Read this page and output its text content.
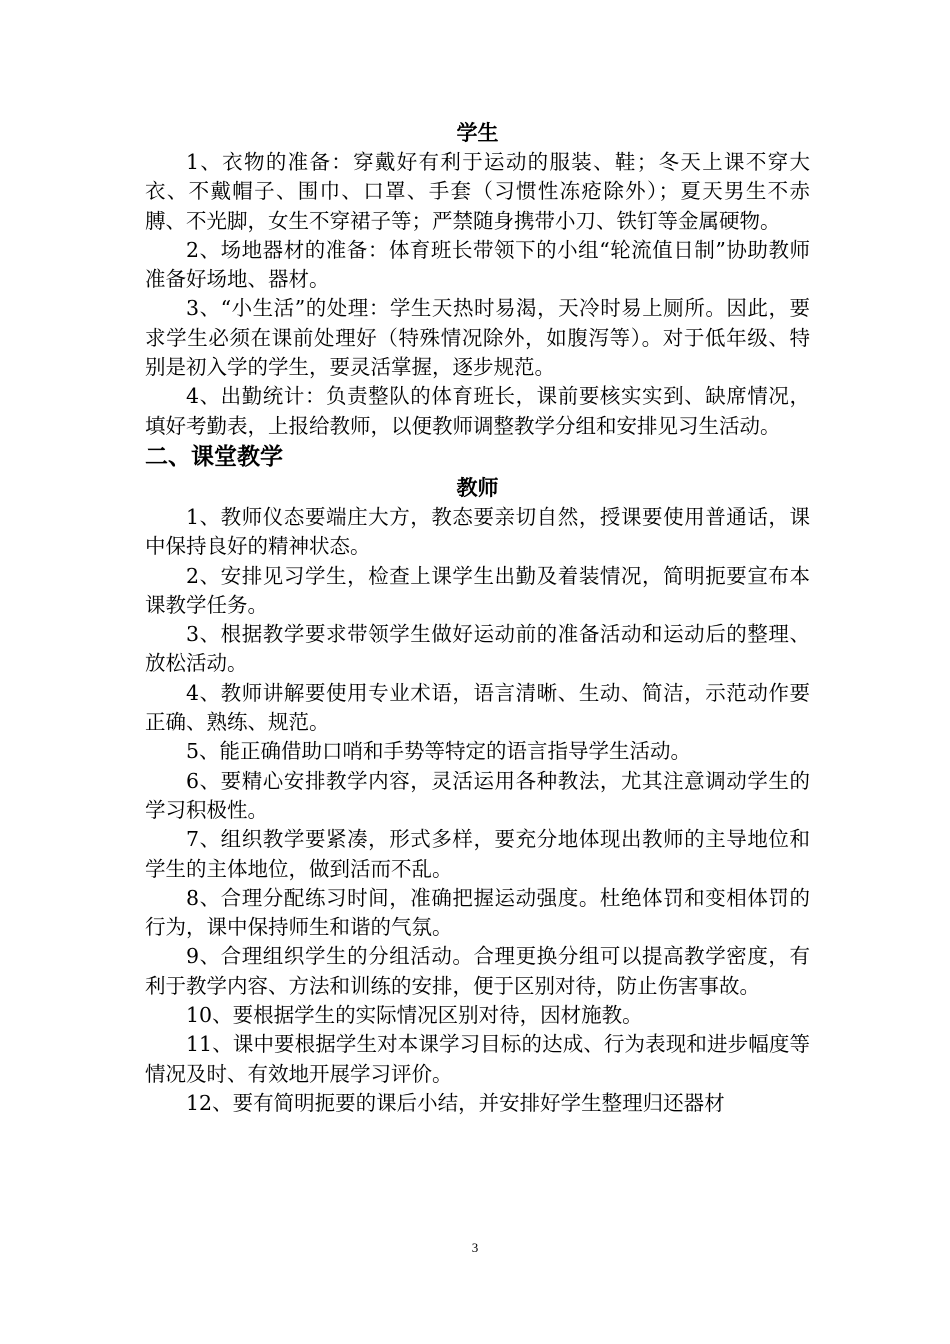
学生

1、衣物的准备：穿戴好有利于运动的服装、鞋；冬天上课不穿大衣、不戴帽子、围巾、口罩、手套（习惯性冻疮除外）；夏天男生不赤膊、不光脚，女生不穿裙子等；严禁随身携带小刀、铁钉等金属硬物。

2、场地器材的准备：体育班长带领下的小组“轮流值日制”协助教师准备好场地、器材。

3、“小生活”的处理：学生天热时易渴，天冷时易上厕所。因此，要求学生必须在课前处理好（特殊情况除外，如腹泻等）。对于低年级、特别是初入学的学生，要灵活掌握，逐步规范。

4、出勤统计：负责整队的体育班长，课前要核实实到、缺席情况，填好考勤表，上报给教师，以便教师调整教学分组和安排见习生活动。

二、课堂教学

教师

1、教师仪态要端庄大方，教态要亲切自然，授课要使用普通话，课中保持良好的精神状态。

2、安排见习学生，检查上课学生出勤及着装情况，简明扼要宣布本课教学任务。

3、根据教学要求带领学生做好运动前的准备活动和运动后的整理、放松活动。

4、教师讲解要使用专业术语，语言清晰、生动、简洁，示范动作要正确、熟练、规范。

5、能正确借助口哨和手势等特定的语言指导学生活动。

6、要精心安排教学内容，灵活运用各种教法，尤其注意调动学生的学习积极性。

7、组织教学要紧凑，形式多样，要充分地体现出教师的主导地位和学生的主体地位，做到活而不乱。

8、合理分配练习时间，准确把握运动强度。杜绝体罚和变相体罚的行为，课中保持师生和谐的气氛。

9、合理组织学生的分组活动。合理更换分组可以提高教学密度，有利于教学内容、方法和训练的安排，便于区别对待，防止伤害事故。

10、要根据学生的实际情况区别对待，因材施教。

11、课中要根据学生对本课学习目标的达成、行为表现和进步幅度等情况及时、有效地开展学习评价。

12、要有简明扼要的课后小结，并安排好学生整理归还器材

3
